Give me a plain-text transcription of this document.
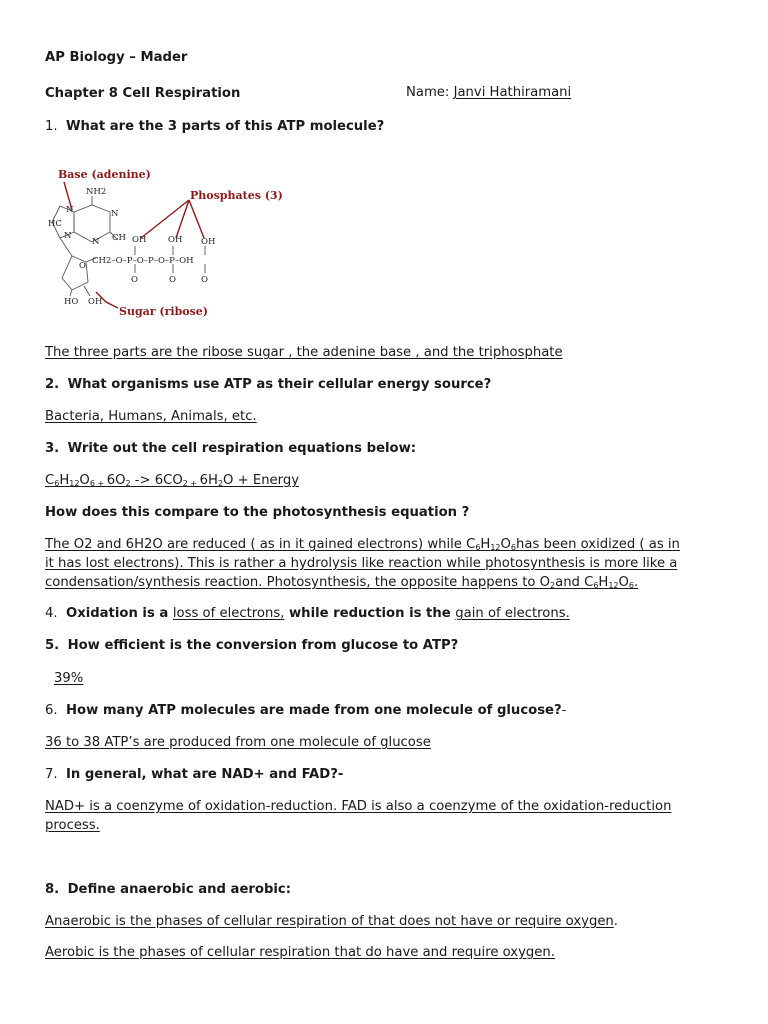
AP Biology – Mader
Chapter 8 Cell Respiration	Name: Janvi Hathiramani
1. What are the 3 parts of this ATP molecule?
Base (adenine)
Phosphates (3)
Sugar (ribose)
NH2
N	N
N
N
HC
CH OH	OH OH
CH2–O–P–O–P–O–P–OH
O
O	O	O
HO OH
The three parts are the ribose sugar , the adenine base , and the triphosphate
2. What organisms use ATP as their cellular energy source?
Bacteria, Humans, Animals, etc.
3. Write out the cell respiration equations below:
$C_6H_{12}O_{6 +}$ $6O_2 -> 6CO_{2 +}$ $6H_2O$ + Energy
How does this compare to the photosynthesis equation ?
The O2 and 6H2O are reduced ( as in it gained electrons) while $C_6H_{12}O_6has$ been oxidized ( as in
it has lost electrons). This is rather a hydrolysis like reaction while photosynthesis is more like a
condensation/synthesis reaction. Photosynthesis, the opposite happens to $O_2and$ $C_6H_{12}O_6$.
4. Oxidation is a loss of electrons, while reduction is the gain of electrons.
5. How efficient is the conversion from glucose to ATP?
39%
6. How many ATP molecules are made from one molecule of glucose?-
36 to 38 ATP’s are produced from one molecule of glucose
7. In general, what are NAD+ and FAD?-
NAD+ is a coenzyme of oxidation-reduction. FAD is also a coenzyme of the oxidation-reduction
process.
8. Define anaerobic and aerobic:
Anaerobic is the phases of cellular respiration of that does not have or require oxygen.
Aerobic is the phases of cellular respiration that do have and require oxygen.
